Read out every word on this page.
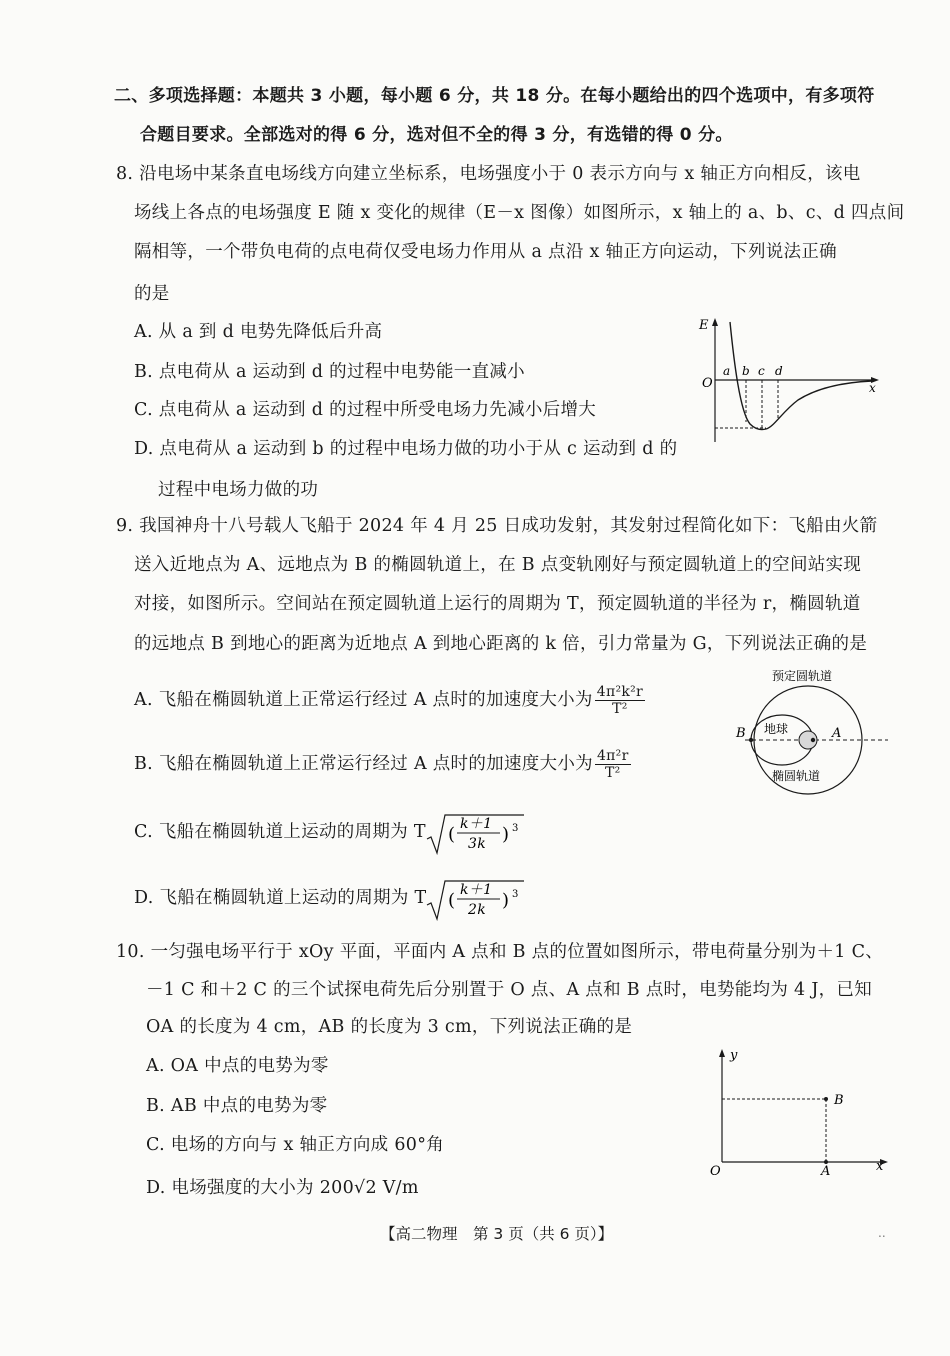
二、多项选择题：本题共 3 小题，每小题 6 分，共 18 分。在每小题给出的四个选项中，有多项符
合题目要求。全部选对的得 6 分，选对但不全的得 3 分，有选错的得 0 分。
8. 沿电场中某条直电场线方向建立坐标系，电场强度小于 0 表示方向与 x 轴正方向相反，该电
场线上各点的电场强度 E 随 x 变化的规律（E－x 图像）如图所示，x 轴上的 a、b、c、d 四点间
隔相等，一个带负电荷的点电荷仅受电场力作用从 a 点沿 x 轴正方向运动，下列说法正确
的是
A. 从 a 到 d 电势先降低后升高
B. 点电荷从 a 运动到 d 的过程中电势能一直减小
C. 点电荷从 a 运动到 d 的过程中所受电场力先减小后增大
D. 点电荷从 a 运动到 b 的过程中电场力做的功小于从 c 运动到 d 的
过程中电场力做的功
E
O	x
a b c d
9. 我国神舟十八号载人飞船于 2024 年 4 月 25 日成功发射，其发射过程简化如下：飞船由火箭
送入近地点为 A、远地点为 B 的椭圆轨道上，在 B 点变轨刚好与预定圆轨道上的空间站实现
对接，如图所示。空间站在预定圆轨道上运行的周期为 T，预定圆轨道的半径为 r，椭圆轨道
的远地点 B 到地心的距离为近地点 A 到地心距离的 k 倍，引力常量为 G，下列说法正确的是
A. 飞船在椭圆轨道上正常运行经过 A 点时的加速度大小为 $\frac{\text{4π²k²r}}{\text{T²}}$
B. 飞船在椭圆轨道上正常运行经过 A 点时的加速度大小为 $\frac{\text{4π²r}}{\text{T²}}$
C. 飞船在椭圆轨道上运动的周期为 T ( k＋1
3k ) 3
D. 飞船在椭圆轨道上运动的周期为 T ( k＋1
2k ) 3
预定圆轨道
地球
B	A
椭圆轨道
10. 一匀强电场平行于 xOy 平面，平面内 A 点和 B 点的位置如图所示，带电荷量分别为＋1 C、
－1 C 和＋2 C 的三个试探电荷先后分别置于 O 点、A 点和 B 点时，电势能均为 4 J，已知
OA 的长度为 4 cm，AB 的长度为 3 cm，下列说法正确的是
A. OA 中点的电势为零
B. AB 中点的电势为零
C. 电场的方向与 x 轴正方向成 60°角
D. 电场强度的大小为 200√2 V/m
y
x
O
B
A
【高二物理　第 3 页（共 6 页）】	..
